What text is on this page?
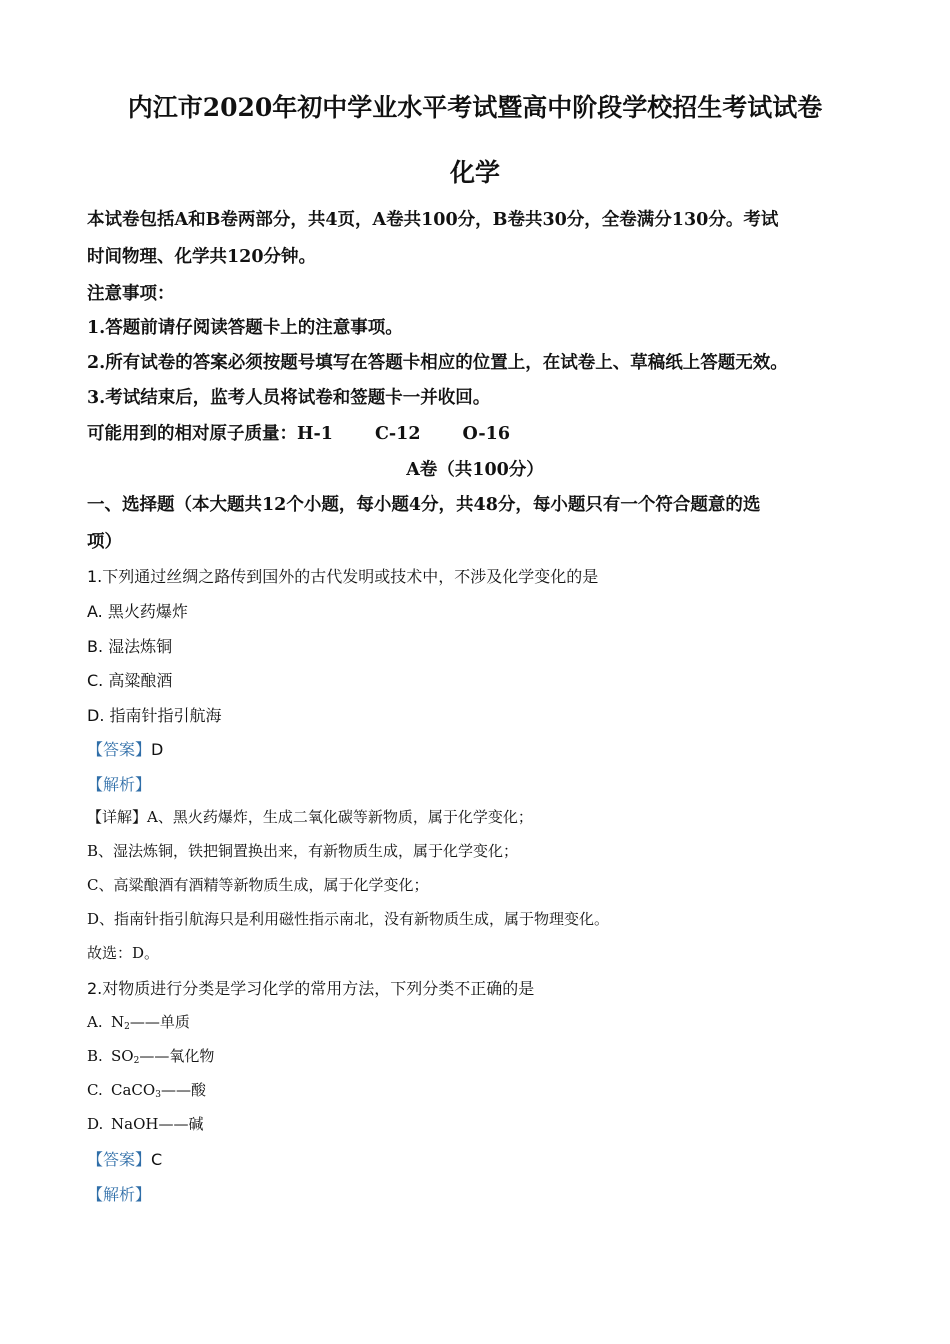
内江市2020年初中学业水平考试暨高中阶段学校招生考试试卷
化学
本试卷包括A和B卷两部分，共4页，A卷共100分，B卷共30分，全卷满分130分。考试
时间物理、化学共120分钟。
注意事项：
1.答题前请仔阅读答题卡上的注意事项。
2.所有试卷的答案必须按题号填写在答题卡相应的位置上，在试卷上、草稿纸上答题无效。
3.考试结束后，监考人员将试卷和签题卡一并收回。
可能用到的相对原子质量：H-1 C-12 O-16
A卷（共100分）
一、选择题（本大题共12个小题，每小题4分，共48分，每小题只有一个符合题意的选
项）
1.下列通过丝绸之路传到国外的古代发明或技术中，不涉及化学变化的是
A. 黑火药爆炸
B. 湿法炼铜
C. 高粱酿酒
D. 指南针指引航海
【答案】D
【解析】
【详解】A、黑火药爆炸，生成二氧化碳等新物质，属于化学变化；
B、湿法炼铜，铁把铜置换出来，有新物质生成，属于化学变化；
C、高粱酿酒有酒精等新物质生成，属于化学变化；
D、指南针指引航海只是利用磁性指示南北，没有新物质生成，属于物理变化。
故选：D。
2.对物质进行分类是学习化学的常用方法，下列分类不正确的是
A. $N_2——$单质
B. $SO_2——$氧化物
C. CaCO$_3$——酸
D. NaOH——碱
【答案】C
【解析】
